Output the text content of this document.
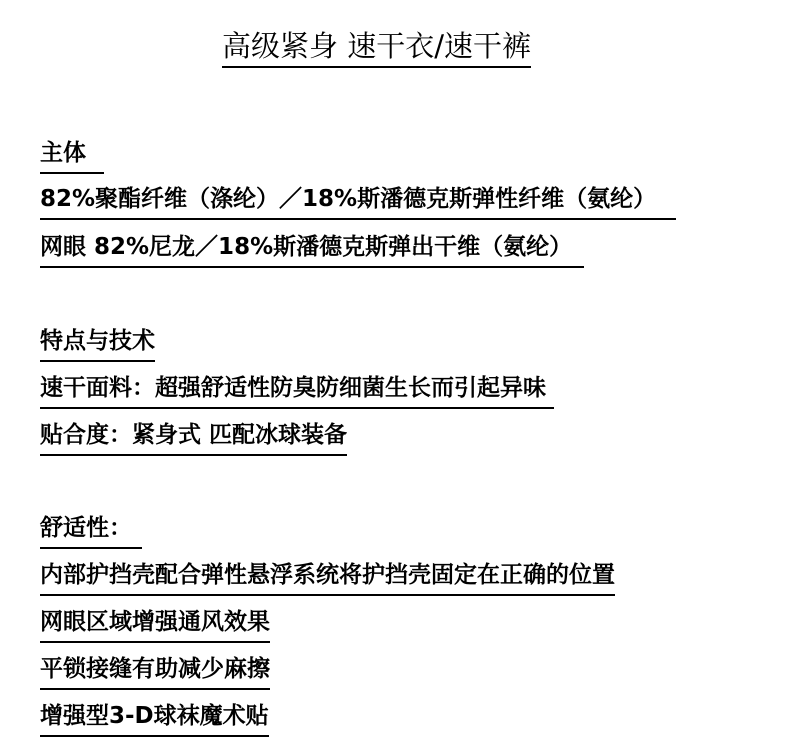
高级紧身 速干衣/速干裤
主体
82%聚酯纤维（涤纶）／18%斯潘德克斯弹性纤维（氨纶）
网眼 82%尼龙／18%斯潘德克斯弹出干维（氨纶）
特点与技术
速干面料：超强舒适性防臭防细菌生长而引起异味
贴合度：紧身式 匹配冰球装备
舒适性：
内部护挡壳配合弹性悬浮系统将护挡壳固定在正确的位置
网眼区域增强通风效果
平锁接缝有助减少麻擦
增强型3-D球袜魔术贴
